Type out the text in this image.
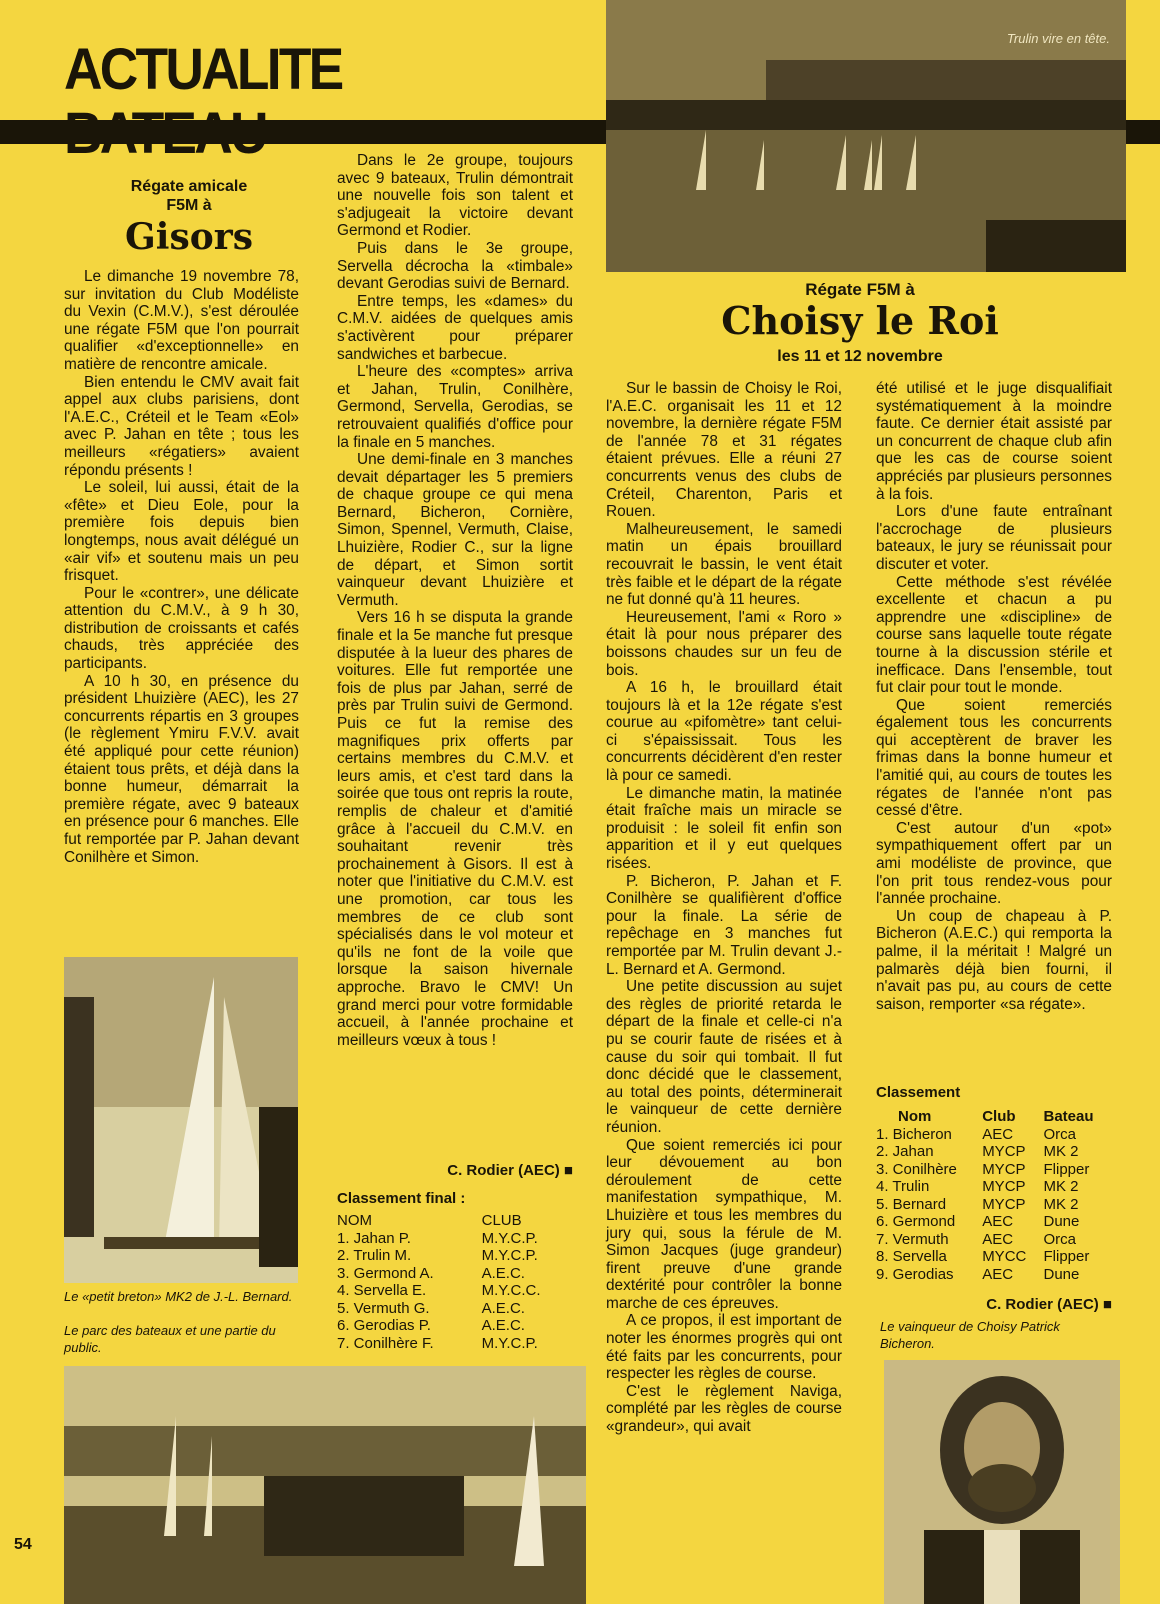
ACTUALITE	Trulin vire en tête.
Régate amicale
F5M à
Gisors

Le dimanche 19 novembre 78, sur invitation du Club Modéliste du Vexin (C.M.V.), s'est déroulée une régate F5M que l'on pourrait qualifier «d'exceptionnelle» en matière de rencontre amicale.

Bien entendu le CMV avait fait appel aux clubs parisiens, dont l'A.E.C., Créteil et le Team «Eol» avec P. Jahan en tête ; tous les meilleurs «régatiers» avaient répondu présents !

Le soleil, lui aussi, était de la «fête» et Dieu Eole, pour la première fois depuis bien longtemps, nous avait délégué un «air vif» et soutenu mais un peu frisquet.

Pour le «contrer», une délicate attention du C.M.V., à 9 h 30, distribution de croissants et cafés chauds, très appréciée des participants.

A 10 h 30, en présence du président Lhuizière (AEC), les 27 concurrents répartis en 3 groupes (le règlement Ymiru F.V.V. avait été appliqué pour cette réunion) étaient tous prêts, et déjà dans la bonne humeur, démarrait la première régate, avec 9 bateaux en présence pour 6 manches. Elle fut remportée par P. Jahan devant Conilhère et Simon.

Dans le 2e groupe, toujours avec 9 bateaux, Trulin démontrait une nouvelle fois son talent et s'adjugeait la victoire devant Germond et Rodier.

Puis dans le 3e groupe, Servella décrocha la «timbale» devant Gerodias suivi de Bernard.

Entre temps, les «dames» du C.M.V. aidées de quelques amis s'activèrent pour préparer sandwiches et barbecue.

L'heure des «comptes» arriva et Jahan, Trulin, Conilhère, Germond, Servella, Gerodias, se retrouvaient qualifiés d'office pour la finale en 5 manches.

Une demi-finale en 3 manches devait départager les 5 premiers de chaque groupe ce qui mena Bernard, Bicheron, Cornière, Simon, Spennel, Vermuth, Claise, Lhuizière, Rodier C., sur la ligne de départ, et Simon sortit vainqueur devant Lhuizière et Vermuth.

Vers 16 h se disputa la grande finale et la 5e manche fut presque disputée à la lueur des phares de voitures. Elle fut remportée une fois de plus par Jahan, serré de près par Trulin suivi de Germond. Puis ce fut la remise des magnifiques prix offerts par certains membres du C.M.V. et leurs amis, et c'est tard dans la soirée que tous ont repris la route, remplis de chaleur et d'amitié grâce à l'accueil du C.M.V. en souhaitant revenir très prochainement à Gisors. Il est à noter que l'initiative du C.M.V. est une promotion, car tous les membres de ce club sont spécialisés dans le vol moteur et qu'ils ne font de la voile que lorsque la saison hivernale approche. Bravo le CMV! Un grand merci pour votre formidable accueil, à l'année prochaine et meilleurs vœux à tous !

C. Rodier (AEC) ■
Classement final :
NOM	CLUB
1. Jahan P.	M.Y.C.P.
2. Trulin M.	M.Y.C.P.
3. Germond A.	A.E.C.
4. Servella E.	M.Y.C.C.
5. Vermuth G.	A.E.C.
6. Gerodias P.	A.E.C.
7. Conilhère F.	M.Y.C.P.
Le «petit breton» MK2 de J.-L. Bernard.
Le parc des bateaux et une partie du public.
Régate F5M à
Choisy le Roi
les 11 et 12 novembre

Sur le bassin de Choisy le Roi, l'A.E.C. organisait les 11 et 12 novembre, la dernière régate F5M de l'année 78 et 31 régates étaient prévues. Elle a réuni 27 concurrents venus des clubs de Créteil, Charenton, Paris et Rouen.

Malheureusement, le samedi matin un épais brouillard recouvrait le bassin, le vent était très faible et le départ de la régate ne fut donné qu'à 11 heures.

Heureusement, l'ami « Roro » était là pour nous préparer des boissons chaudes sur un feu de bois.

A 16 h, le brouillard était toujours là et la 12e régate s'est courue au «pifomètre» tant celui-ci s'épaississait. Tous les concurrents décidèrent d'en rester là pour ce samedi.

Le dimanche matin, la matinée était fraîche mais un miracle se produisit : le soleil fit enfin son apparition et il y eut quelques risées.

P. Bicheron, P. Jahan et F. Conilhère se qualifièrent d'office pour la finale. La série de repêchage en 3 manches fut remportée par M. Trulin devant J.-L. Bernard et A. Germond.

Une petite discussion au sujet des règles de priorité retarda le départ de la finale et celle-ci n'a pu se courir faute de risées et à cause du soir qui tombait. Il fut donc décidé que le classement, au total des points, déterminerait le vainqueur de cette dernière réunion.

Que soient remerciés ici pour leur dévouement au bon déroulement de cette manifestation sympathique, M. Lhuizière et tous les membres du jury qui, sous la férule de M. Simon Jacques (juge grandeur) firent preuve d'une grande dextérité pour contrôler la bonne marche de ces épreuves.

A ce propos, il est important de noter les énormes progrès qui ont été faits par les concurrents, pour respecter les règles de course.

C'est le règlement Naviga, complété par les règles de course «grandeur», qui avait

été utilisé et le juge disqualifiait systématiquement à la moindre faute. Ce dernier était assisté par un concurrent de chaque club afin que les cas de course soient appréciés par plusieurs personnes à la fois.

Lors d'une faute entraînant l'accrochage de plusieurs bateaux, le jury se réunissait pour discuter et voter.

Cette méthode s'est révélée excellente et chacun a pu apprendre une «discipline» de course sans laquelle toute régate tourne à la discussion stérile et inefficace. Dans l'ensemble, tout fut clair pour tout le monde.

Que soient remerciés également tous les concurrents qui acceptèrent de braver les frimas dans la bonne humeur et l'amitié qui, au cours de toutes les régates de l'année n'ont pas cessé d'être.

C'est autour d'un «pot» sympathiquement offert par un ami modéliste de province, que l'on prit tous rendez-vous pour l'année prochaine.

Un coup de chapeau à P. Bicheron (A.E.C.) qui remporta la palme, il la méritait ! Malgré un palmarès déjà bien fourni, il n'avait pas pu, au cours de cette saison, remporter «sa régate».

Classement
Nom	Club	Bateau
1. Bicheron	AEC	Orca
2. Jahan	MYCP	MK 2
3. Conilhère	MYCP	Flipper
4. Trulin	MYCP	MK 2
5. Bernard	MYCP	MK 2
6. Germond	AEC	Dune
7. Vermuth	AEC	Orca
8. Servella	MYCC	Flipper
9. Gerodias	AEC	Dune
C. Rodier (AEC) ■
Le vainqueur de Choisy Patrick Bicheron.
54
